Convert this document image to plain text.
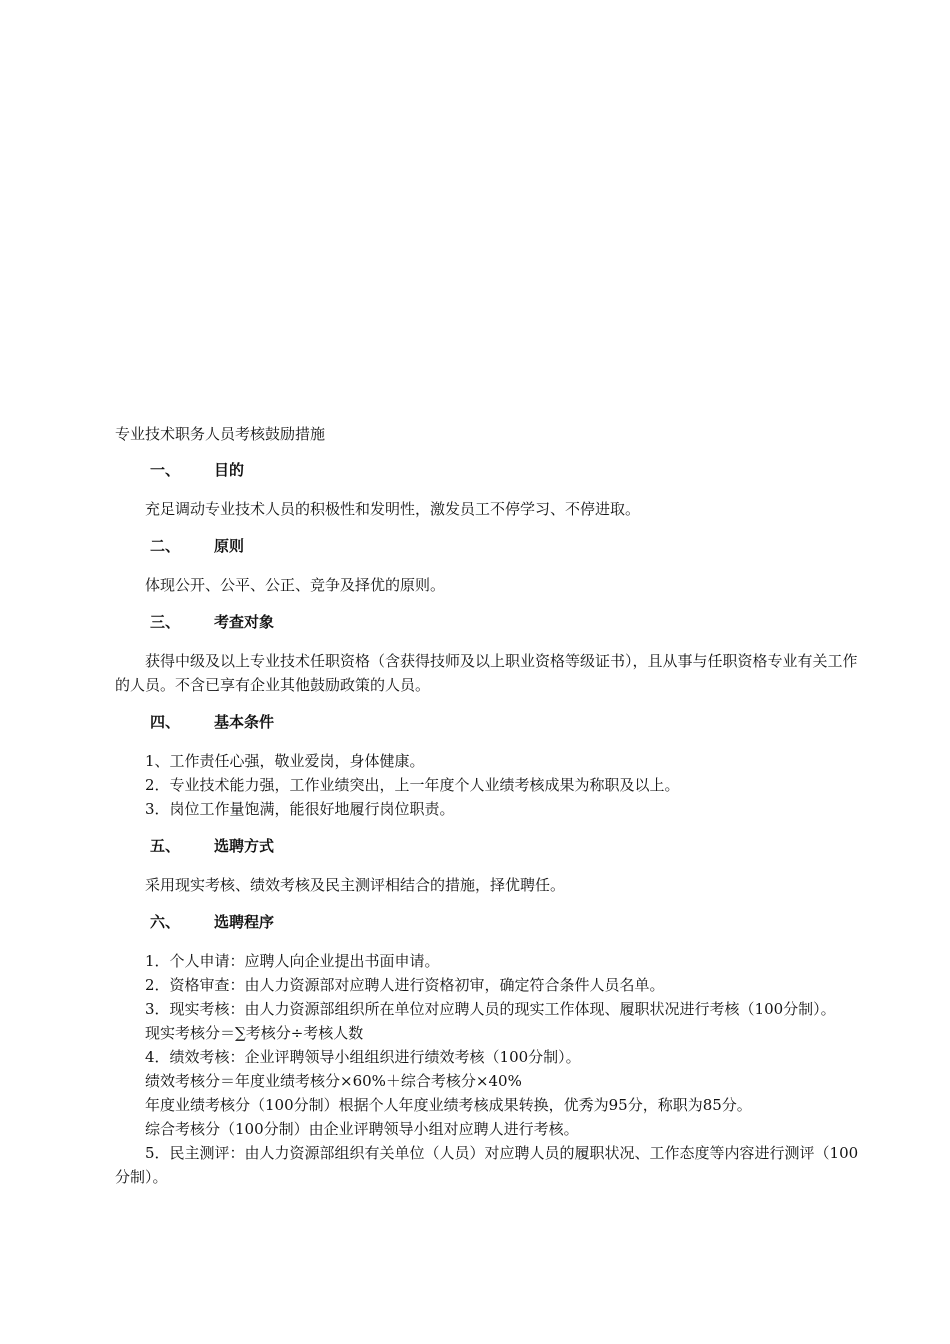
专业技术职务人员考核鼓励措施
一、 目的
充足调动专业技术人员的积极性和发明性，激发员工不停学习、不停进取。
二、 原则
体现公开、公平、公正、竞争及择优的原则。
三、 考查对象
获得中级及以上专业技术任职资格（含获得技师及以上职业资格等级证书），且从事与任职资格专业有关工作的人员。不含已享有企业其他鼓励政策的人员。
四、 基本条件
1、工作责任心强，敬业爱岗，身体健康。
2．专业技术能力强，工作业绩突出，上一年度个人业绩考核成果为称职及以上。
3．岗位工作量饱满，能很好地履行岗位职责。
五、 选聘方式
采用现实考核、绩效考核及民主测评相结合的措施，择优聘任。
六、 选聘程序
1．个人申请：应聘人向企业提出书面申请。
2．资格审查：由人力资源部对应聘人进行资格初审，确定符合条件人员名单。
3．现实考核：由人力资源部组织所在单位对应聘人员的现实工作体现、履职状况进行考核（100分制）。
现实考核分＝∑考核分÷考核人数
4．绩效考核：企业评聘领导小组组织进行绩效考核（100分制）。
绩效考核分＝年度业绩考核分×60%＋综合考核分×40%
年度业绩考核分（100分制）根据个人年度业绩考核成果转换，优秀为95分，称职为85分。
综合考核分（100分制）由企业评聘领导小组对应聘人进行考核。
5．民主测评：由人力资源部组织有关单位（人员）对应聘人员的履职状况、工作态度等内容进行测评（100分制）。
